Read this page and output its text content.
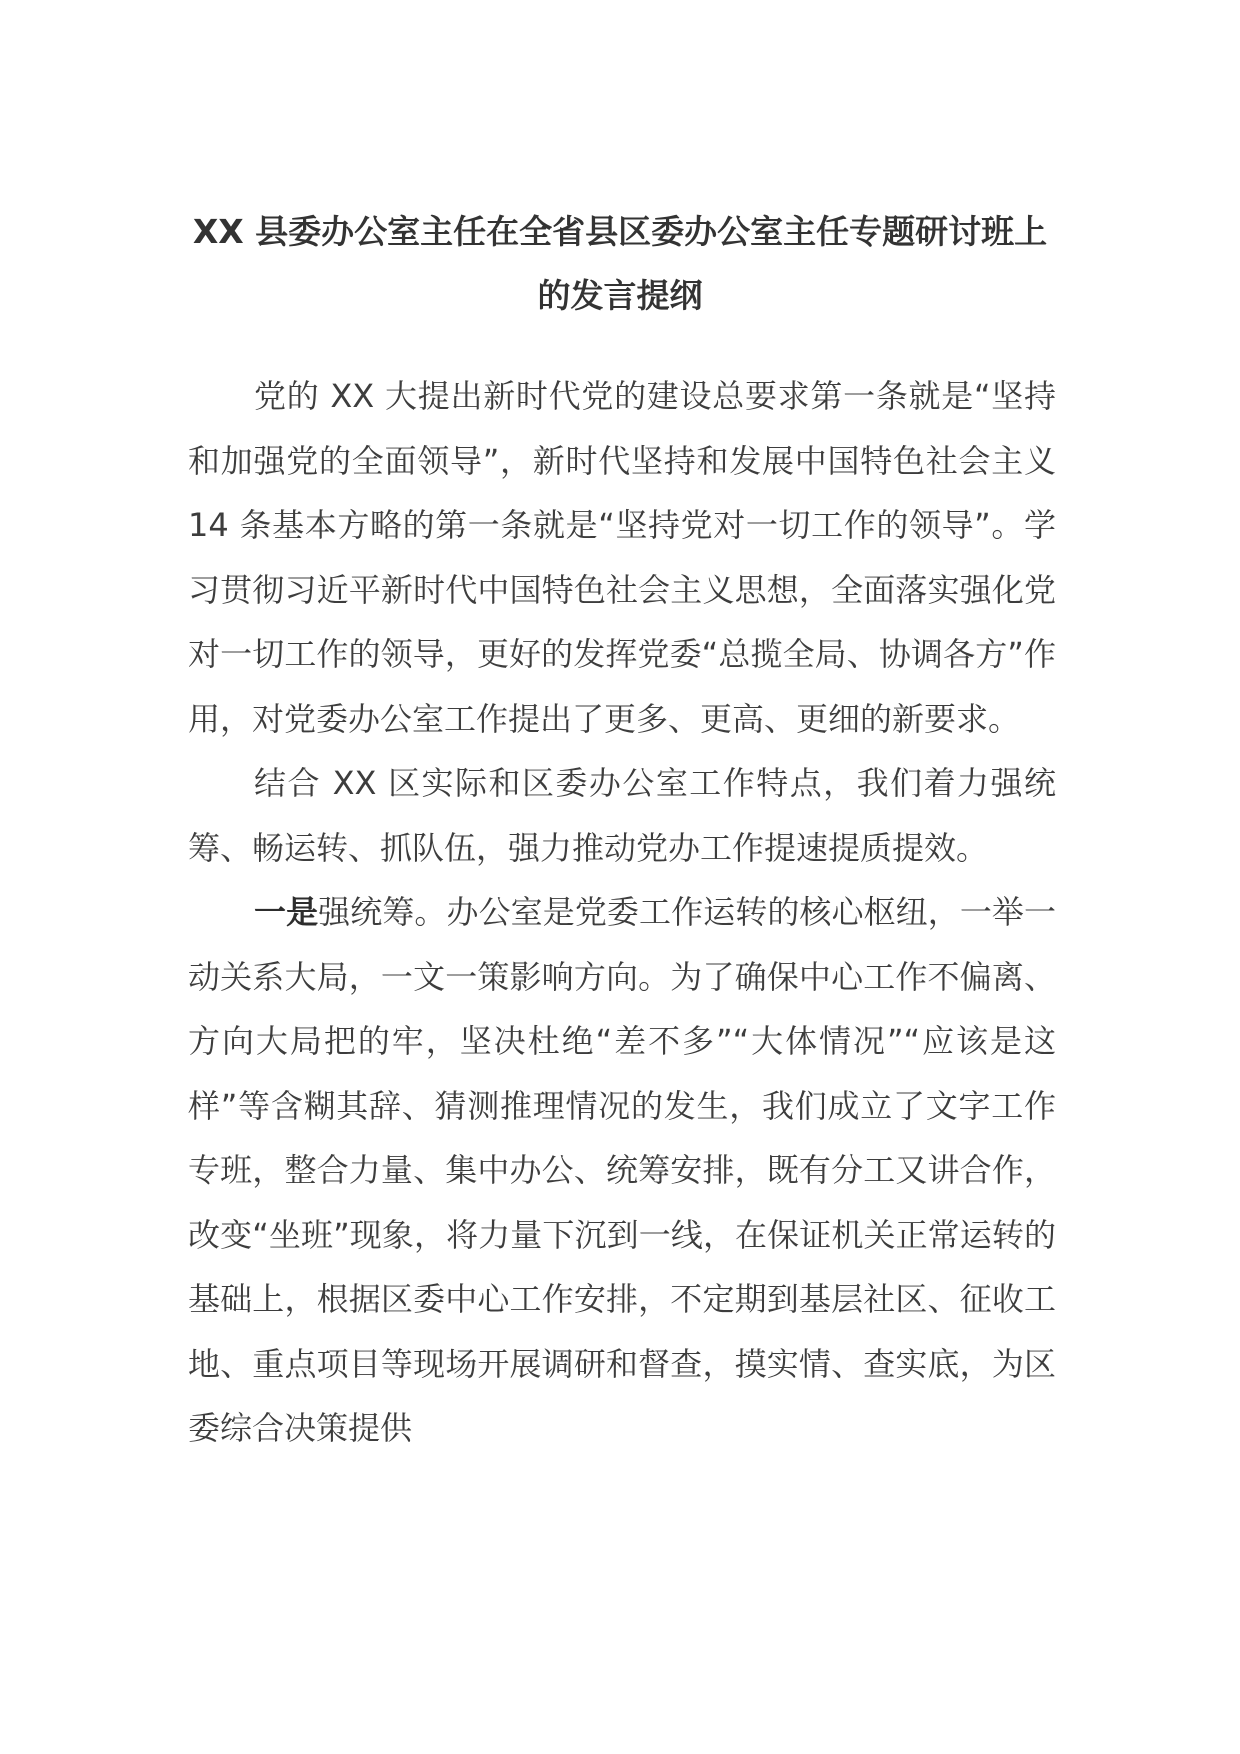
XX 县委办公室主任在全省县区委办公室主任专题研讨班上
的发言提纲

党的 XX 大提出新时代党的建设总要求第一条就是“坚持和加强党的全面领导”，新时代坚持和发展中国特色社会主义 14 条基本方略的第一条就是“坚持党对一切工作的领导”。学习贯彻习近平新时代中国特色社会主义思想，全面落实强化党对一切工作的领导，更好的发挥党委“总揽全局、协调各方”作用，对党委办公室工作提出了更多、更高、更细的新要求。

结合 XX 区实际和区委办公室工作特点，我们着力强统筹、畅运转、抓队伍，强力推动党办工作提速提质提效。

一是强统筹。办公室是党委工作运转的核心枢纽，一举一动关系大局，一文一策影响方向。为了确保中心工作不偏离、方向大局把的牢，坚决杜绝“差不多”“大体情况”“应该是这样”等含糊其辞、猜测推理情况的发生，我们成立了文字工作专班，整合力量、集中办公、统筹安排，既有分工又讲合作，改变“坐班”现象，将力量下沉到一线，在保证机关正常运转的基础上，根据区委中心工作安排，不定期到基层社区、征收工地、重点项目等现场开展调研和督查，摸实情、查实底，为区委综合决策提供
